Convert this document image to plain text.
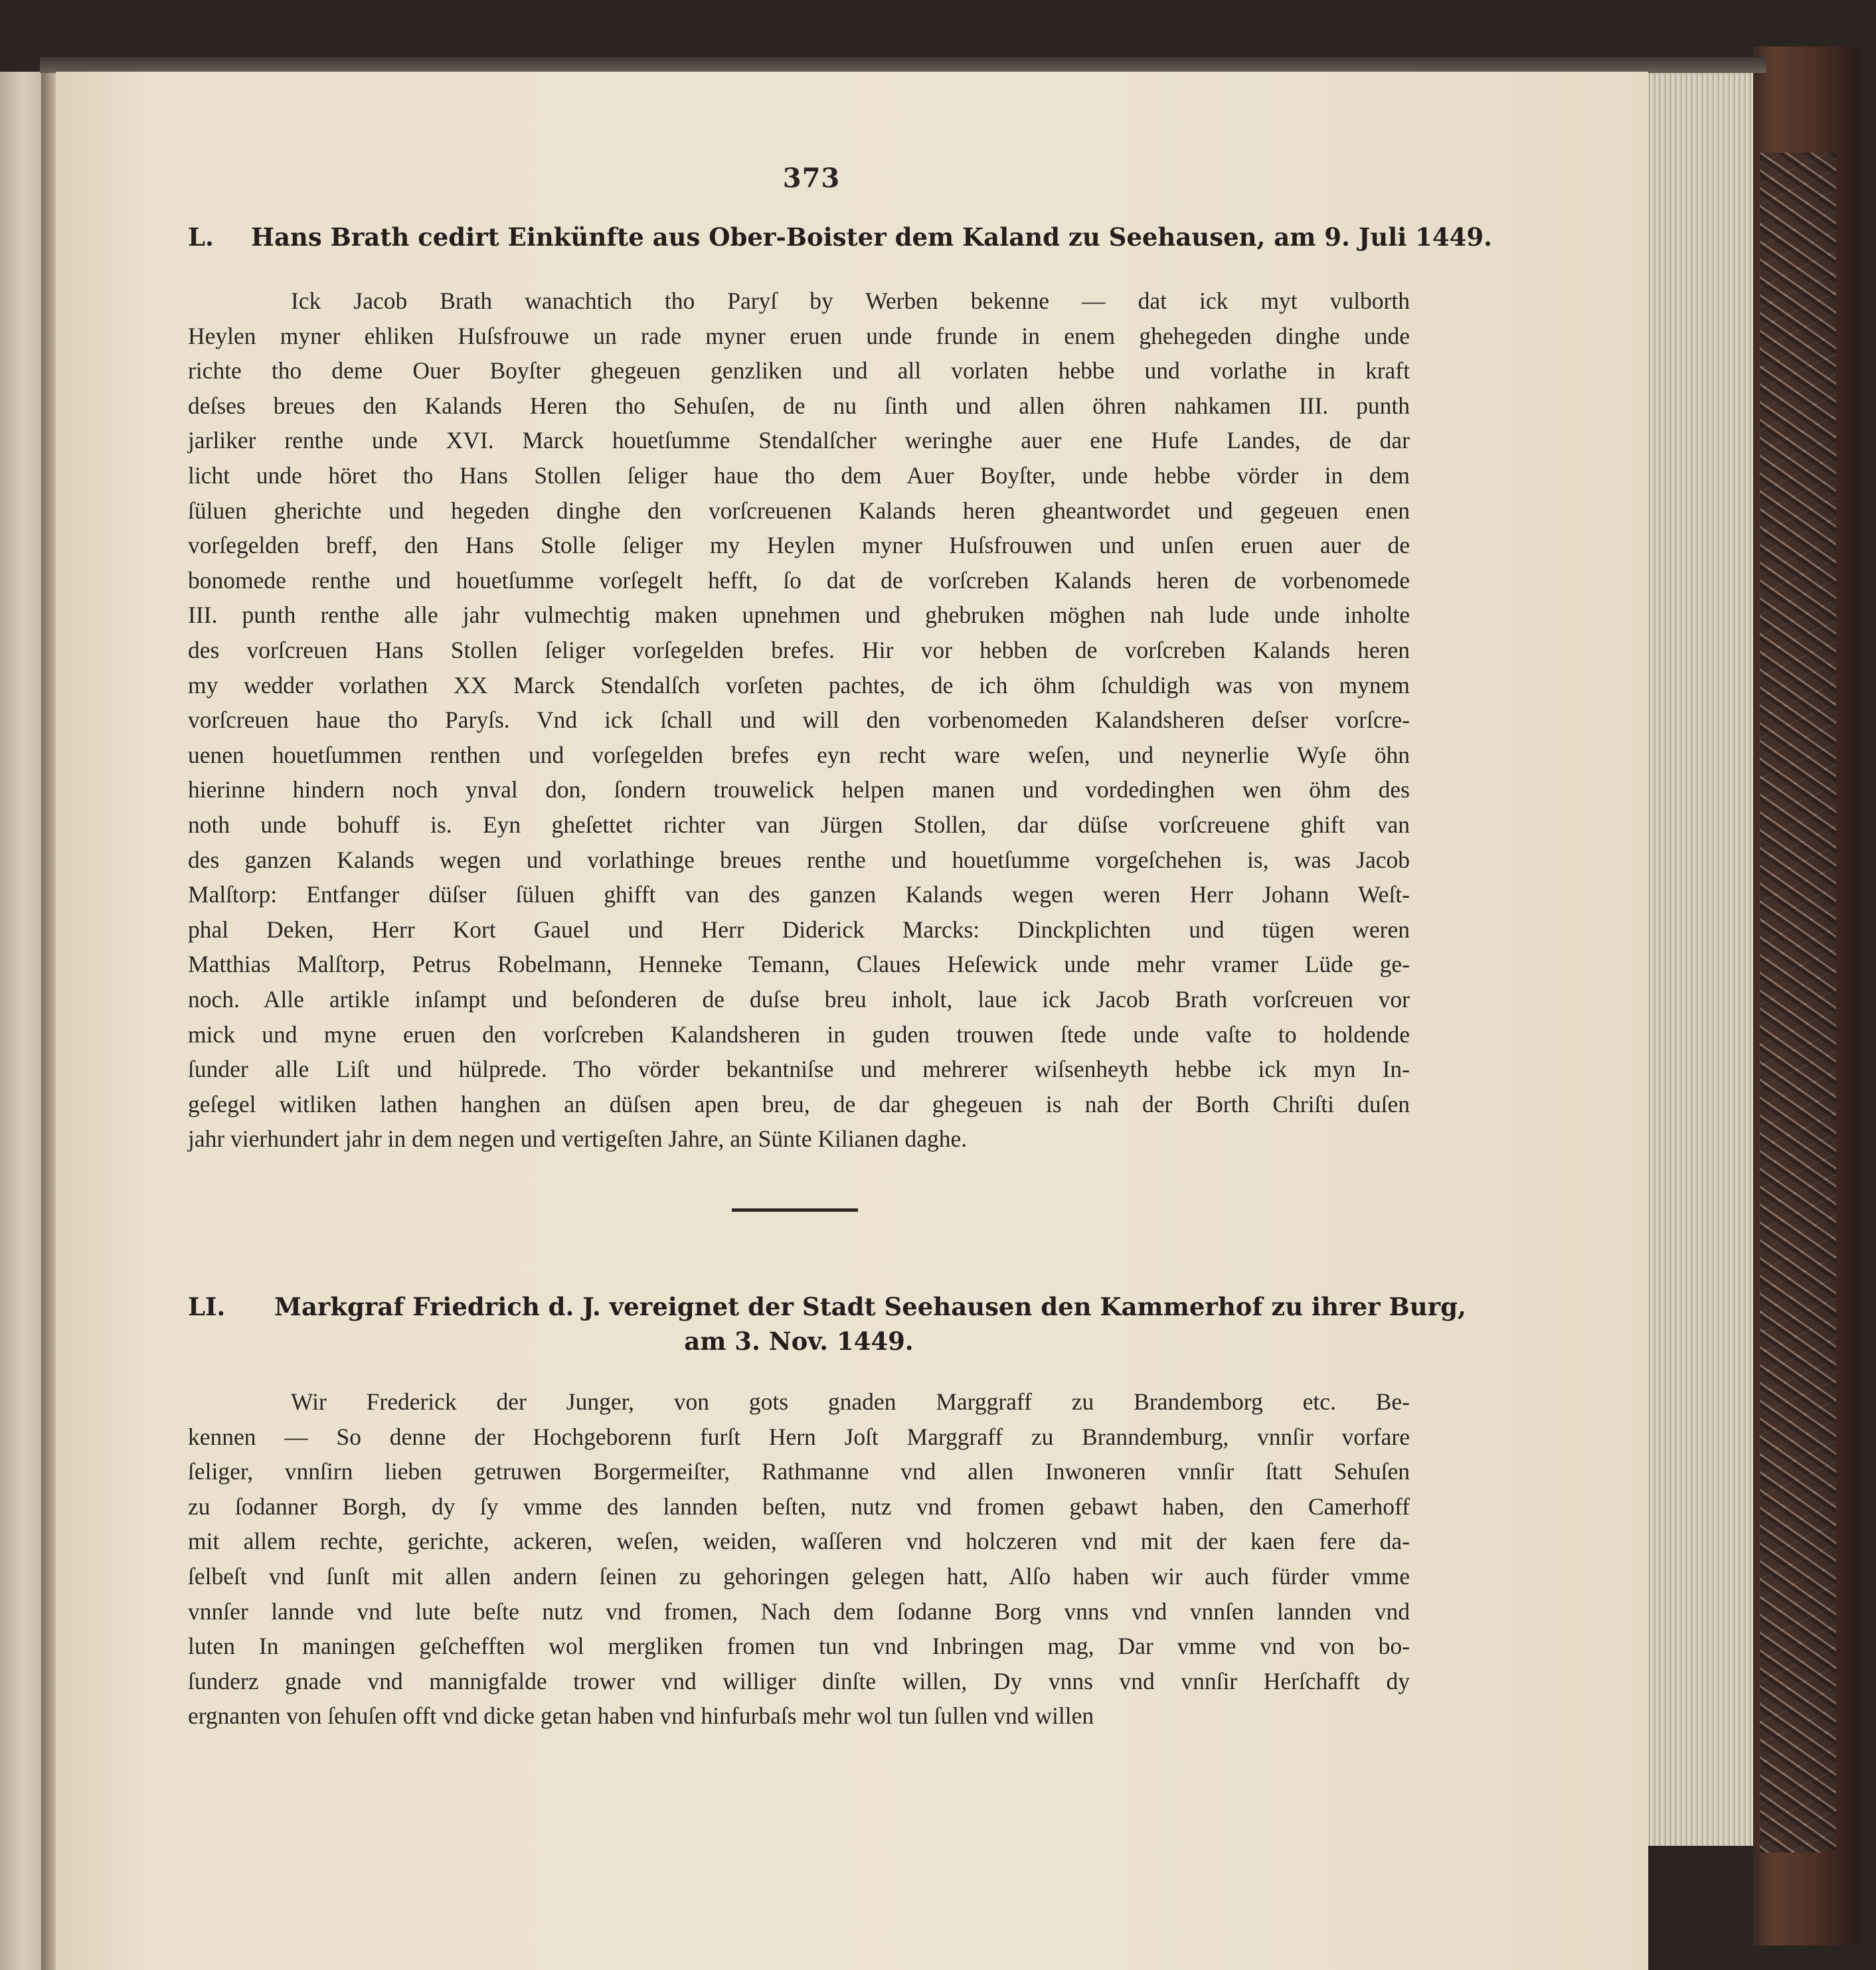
373
L. Hans Brath cedirt Einkünfte aus Ober-Boister dem Kaland zu Seehausen, am 9. Juli 1449.
Ick Jacob Brath wanachtich tho Paryſ by Werben bekenne — dat ick myt vulborth
Heylen myner ehliken Huſsfrouwe un rade myner eruen unde frunde in enem ghehegeden dinghe unde
richte tho deme Ouer Boyſter ghegeuen genzliken und all vorlaten hebbe und vorlathe in kraft
deſses breues den Kalands Heren tho Sehuſen, de nu ſinth und allen öhren nahkamen III. punth
jarliker renthe unde XVI. Marck houetſumme Stendalſcher weringhe auer ene Hufe Landes, de dar
licht unde höret tho Hans Stollen ſeliger haue tho dem Auer Boyſter, unde hebbe vörder in dem
ſüluen gherichte und hegeden dinghe den vorſcreuenen Kalands heren gheantwordet und gegeuen enen
vorſegelden breff, den Hans Stolle ſeliger my Heylen myner Huſsfrouwen und unſen eruen auer de
bonomede renthe und houetſumme vorſegelt hefft, ſo dat de vorſcreben Kalands heren de vorbenomede
III. punth renthe alle jahr vulmechtig maken upnehmen und ghebruken möghen nah lude unde inholte
des vorſcreuen Hans Stollen ſeliger vorſegelden brefes. Hir vor hebben de vorſcreben Kalands heren
my wedder vorlathen XX Marck Stendalſch vorſeten pachtes, de ich öhm ſchuldigh was von mynem
vorſcreuen haue tho Paryſs. Vnd ick ſchall und will den vorbenomeden Kalandsheren deſser vorſcre-
uenen houetſummen renthen und vorſegelden brefes eyn recht ware weſen, und neynerlie Wyſe öhn
hierinne hindern noch ynval don, ſondern trouwelick helpen manen und vordedinghen wen öhm des
noth unde bohuff is. Eyn gheſettet richter van Jürgen Stollen, dar düſse vorſcreuene ghift van
des ganzen Kalands wegen und vorlathinge breues renthe und houetſumme vorgeſchehen is, was Jacob
Malſtorp: Entfanger düſser ſüluen ghifft van des ganzen Kalands wegen weren Herr Johann Weſt-
phal Deken, Herr Kort Gauel und Herr Diderick Marcks: Dinckplichten und tügen weren
Matthias Malſtorp, Petrus Robelmann, Henneke Temann, Claues Heſewick unde mehr vramer Lüde ge-
noch. Alle artikle inſampt und beſonderen de duſse breu inholt, laue ick Jacob Brath vorſcreuen vor
mick und myne eruen den vorſcreben Kalandsheren in guden trouwen ſtede unde vaſte to holdende
ſunder alle Liſt und hülprede. Tho vörder bekantniſse und mehrerer wiſsenheyth hebbe ick myn In-
geſegel witliken lathen hanghen an düſsen apen breu, de dar ghegeuen is nah der Borth Chriſti duſen
jahr vierhundert jahr in dem negen und vertigeſten Jahre, an Sünte Kilianen daghe.
LI. Markgraf Friedrich d. J. vereignet der Stadt Seehausen den Kammerhof zu ihrer Burg,
am 3. Nov. 1449.
Wir Frederick der Junger, von gots gnaden Marggraff zu Brandemborg etc. Be-
kennen — So denne der Hochgeborenn furſt Hern Joſt Marggraff zu Branndemburg, vnnſir vorfare
ſeliger, vnnſirn lieben getruwen Borgermeiſter, Rathmanne vnd allen Inwoneren vnnſir ſtatt Sehuſen
zu ſodanner Borgh, dy ſy vmme des lannden beſten, nutz vnd fromen gebawt haben, den Camerhoff
mit allem rechte, gerichte, ackeren, weſen, weiden, waſſeren vnd holczeren vnd mit der kaen fere da-
ſelbeſt vnd ſunſt mit allen andern ſeinen zu gehoringen gelegen hatt, Alſo haben wir auch fürder vmme
vnnſer lannde vnd lute beſte nutz vnd fromen, Nach dem ſodanne Borg vnns vnd vnnſen lannden vnd
luten In maningen geſchefften wol mergliken fromen tun vnd Inbringen mag, Dar vmme vnd von bo-
ſunderz gnade vnd mannigfalde trower vnd williger dinſte willen, Dy vnns vnd vnnſir Herſchafft dy
ergnanten von ſehuſen offt vnd dicke getan haben vnd hinfurbaſs mehr wol tun ſullen vnd willen
